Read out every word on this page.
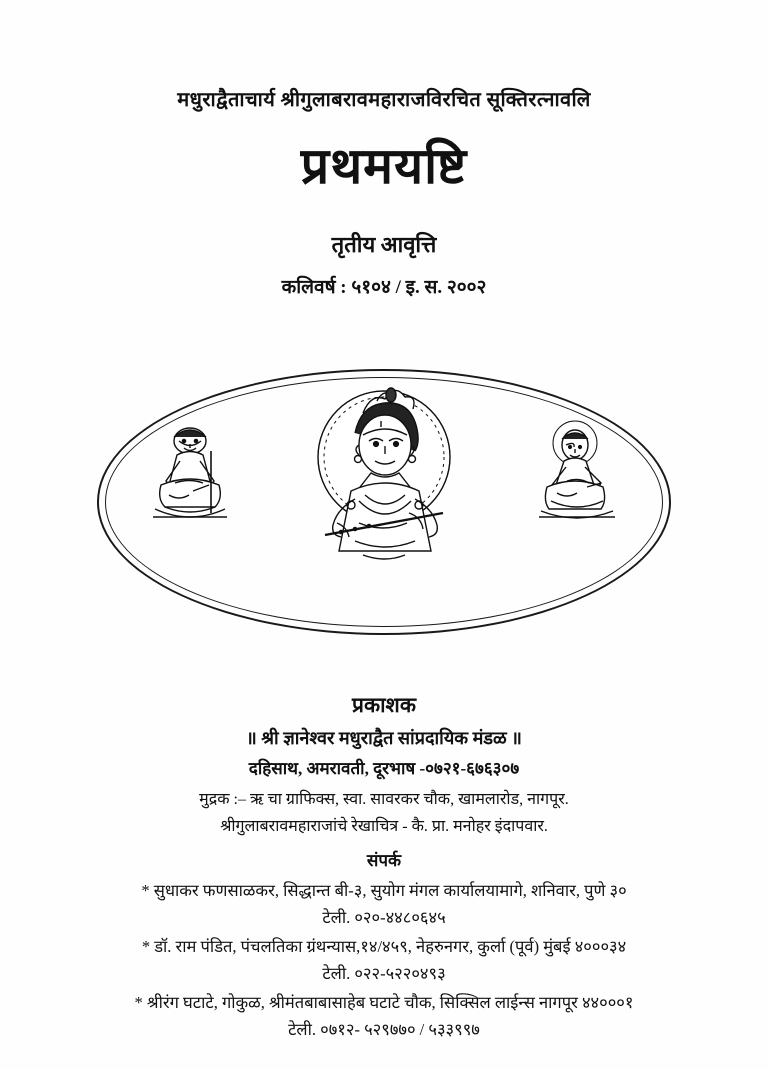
मधुराद्वैताचार्य श्रीगुलाबरावमहाराजविरचित सूक्तिरत्नावलि
प्रथमयष्टि
तृतीय आवृत्ति
कलिवर्ष : ५१०४ / इ. स. २००२
प्रकाशक
॥ श्री ज्ञानेश्वर मधुराद्वैत सांप्रदायिक मंडळ ॥
दहिसाथ, अमरावती, दूरभाष -०७२१-६७६३०७
मुद्रक :– ऋ चा ग्राफिक्स, स्वा. सावरकर चौक, खामलारोड, नागपूर.
श्रीगुलाबरावमहाराजांचे रेखाचित्र - कै. प्रा. मनोहर इंदापवार.
संपर्क
* सुधाकर फणसाळकर, सिद्धान्त बी-३, सुयोग मंगल कार्यालयामागे, शनिवार, पुणे ३०
टेली. ०२०-४४८०६४५
* डॉ. राम पंडित, पंचलतिका ग्रंथन्यास,१४/४५९, नेहरुनगर, कुर्ला (पूर्व) मुंबई ४०००३४
टेली. ०२२-५२२०४९३
* श्रीरंग घटाटे, गोकुळ, श्रीमंतबाबासाहेब घटाटे चौक, सिक्सिल लाईन्स नागपूर ४४०००१
टेली. ०७१२- ५२९७७० / ५३३९९७
